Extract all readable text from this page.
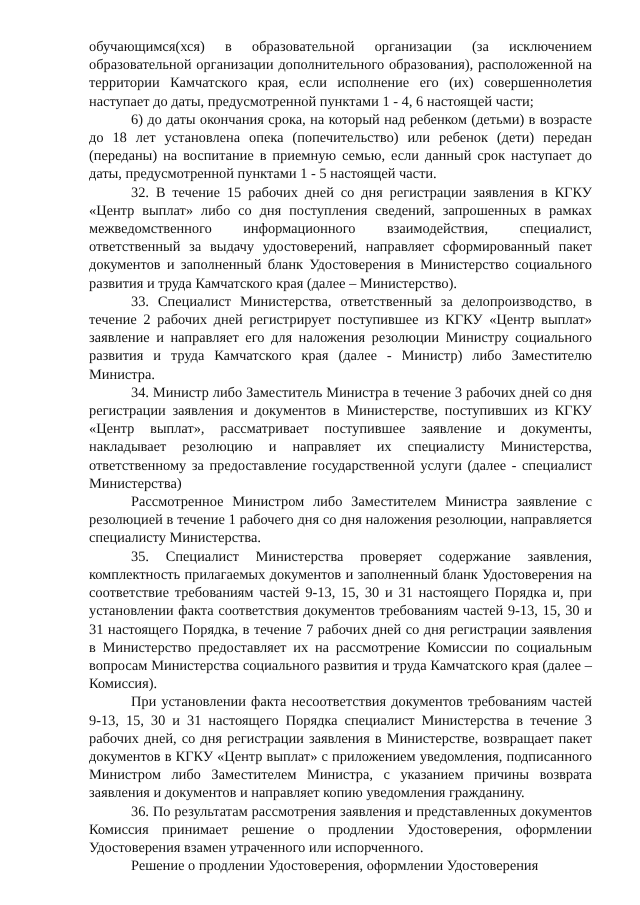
обучающимся(хся) в образовательной организации (за исключением образовательной организации дополнительного образования), расположенной на территории Камчатского края, если исполнение его (их) совершеннолетия наступает до даты, предусмотренной пунктами 1 - 4, 6 настоящей части;

6) до даты окончания срока, на который над ребенком (детьми) в возрасте до 18 лет установлена опека (попечительство) или ребенок (дети) передан (переданы) на воспитание в приемную семью, если данный срок наступает до даты, предусмотренной пунктами 1 - 5 настоящей части.

32. В течение 15 рабочих дней со дня регистрации заявления в КГКУ «Центр выплат» либо со дня поступления сведений, запрошенных в рамках межведомственного информационного взаимодействия, специалист, ответственный за выдачу удостоверений, направляет сформированный пакет документов и заполненный бланк Удостоверения в Министерство социального развития и труда Камчатского края (далее – Министерство).

33. Специалист Министерства, ответственный за делопроизводство, в течение 2 рабочих дней регистрирует поступившее из КГКУ «Центр выплат» заявление и направляет его для наложения резолюции Министру социального развития и труда Камчатского края (далее - Министр) либо Заместителю Министра.

34. Министр либо Заместитель Министра в течение 3 рабочих дней со дня регистрации заявления и документов в Министерстве, поступивших из КГКУ «Центр выплат», рассматривает поступившее заявление и документы, накладывает резолюцию и направляет их специалисту Министерства, ответственному за предоставление государственной услуги (далее - специалист Министерства)

Рассмотренное Министром либо Заместителем Министра заявление с резолюцией в течение 1 рабочего дня со дня наложения резолюции, направляется специалисту Министерства.

35. Специалист Министерства проверяет содержание заявления, комплектность прилагаемых документов и заполненный бланк Удостоверения на соответствие требованиям частей 9-13, 15, 30 и 31 настоящего Порядка и, при установлении факта соответствия документов требованиям частей 9-13, 15, 30 и 31 настоящего Порядка, в течение 7 рабочих дней со дня регистрации заявления в Министерство предоставляет их на рассмотрение Комиссии по социальным вопросам Министерства социального развития и труда Камчатского края (далее – Комиссия).

При установлении факта несоответствия документов требованиям частей 9-13, 15, 30 и 31 настоящего Порядка специалист Министерства в течение 3 рабочих дней, со дня регистрации заявления в Министерстве, возвращает пакет документов в КГКУ «Центр выплат» с приложением уведомления, подписанного Министром либо Заместителем Министра, с указанием причины возврата заявления и документов и направляет копию уведомления гражданину.

36. По результатам рассмотрения заявления и представленных документов Комиссия принимает решение о продлении Удостоверения, оформлении Удостоверения взамен утраченного или испорченного.

Решение о продлении Удостоверения, оформлении Удостоверения
